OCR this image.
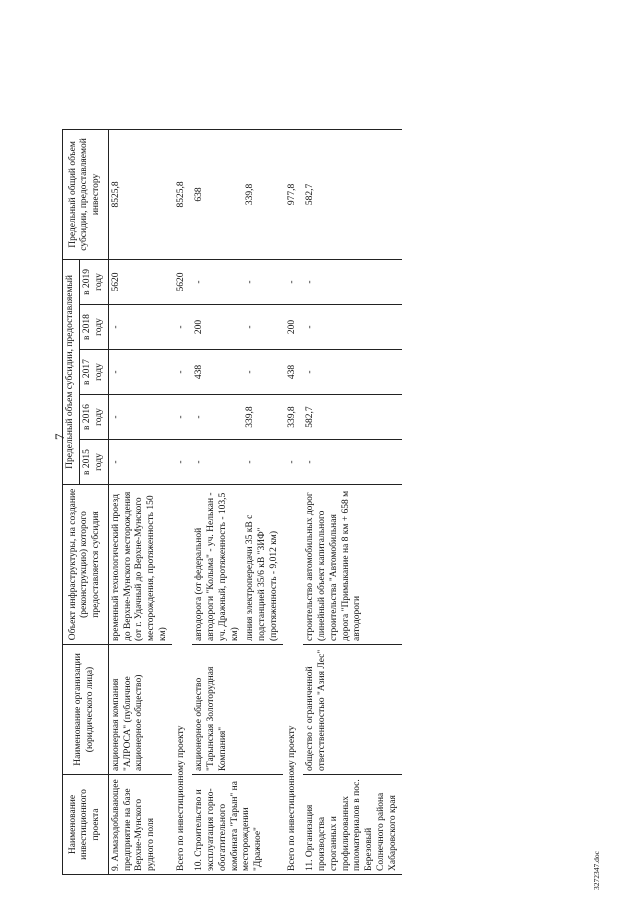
7
3272347.doc
Наименование инвестиционного проекта	Наименование организации (юридического лица)	Объект инфраструктуры, на создание (реконструкцию) которого предоставляется субсидия	Предельный объем субсидии, предоставляемый					Предельный общий объем субсидии, предоставляемой инвестору
			в 2015 году	в 2016 году	в 2017 году	в 2018 году	в 2019 году	
9. Алмазодобывающее предприятие на базе Верхне-Мунского рудного поля	акционерная компания "АЛРОСА" (публичное акционерное общество)	временный технологический проезд до Верхне-Мунского месторождения (от г. Удачный до Верхне-Мунского месторождения, протяженность 150 км)	-	-	-	-	5620	8525,8
Всего по инвестиционному проекту			-	-	-	-	5620	8525,8
10. Строительство и эксплуатация горно-обогатительного комбината "Тарын" на месторождении "Дражное"	акционерное общество "Тарынская Золоторудная Компания"	автодорога (от федеральной автодороги "Колыма" - уч. Нелькан - уч. Дражный, протяженность - 103,5 км)	-	-	438	200	-	638
		линия электропередачи 35 кВ с подстанцией 35/6 кВ "ЗИФ" (протяженность - 9,012 км)	-	339,8	-	-	-	339,8
Всего по инвестиционному проекту			-	339,8	438	200	-	977,8
11. Организация производства строганных и профилированных пиломатериалов в пос. Березовый Солнечного района Хабаровского края	общество с ограниченной ответственностью "Азия Лес"	строительство автомобильных дорог (линейный объект капитального строительства "Автомобильная дорога "Примыкание на 8 км + 658 м автодороги	-	582,7	-	-	-	582,7
